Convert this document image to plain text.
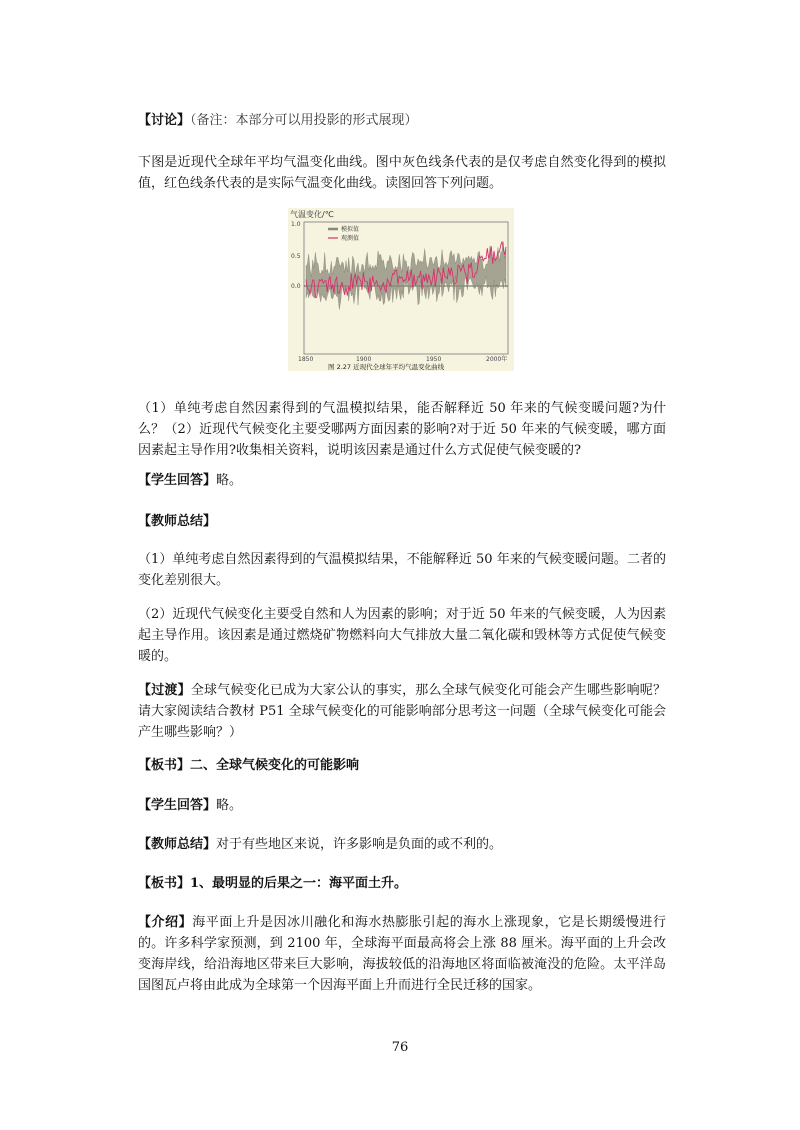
【讨论】（备注：本部分可以用投影的形式展现）

下图是近现代全球年平均气温变化曲线。图中灰色线条代表的是仅考虑自然变化得到的模拟值，红色线条代表的是实际气温变化曲线。读图回答下列问题。

气温变化/℃
1.0
0.5
0.0
模拟值
观测值
1850	1900	1950	2000年
图 2.27 近现代全球年平均气温变化曲线

（1）单纯考虑自然因素得到的气温模拟结果，能否解释近 50 年来的气候变暖问题?为什么？（2）近现代气候变化主要受哪两方面因素的影响?对于近 50 年来的气候变暖，哪方面因素起主导作用?收集相关资料，说明该因素是通过什么方式促使气候变暖的?

【学生回答】略。

【教师总结】

（1）单纯考虑自然因素得到的气温模拟结果，不能解释近 50 年来的气候变暖问题。二者的变化差别很大。

（2）近现代气候变化主要受自然和人为因素的影响；对于近 50 年来的气候变暖，人为因素起主导作用。该因素是通过燃烧矿物燃料向大气排放大量二氧化碳和毁林等方式促使气候变暖的。

【过渡】全球气候变化已成为大家公认的事实，那么全球气候变化可能会产生哪些影响呢？请大家阅读结合教材 P51 全球气候变化的可能影响部分思考这一问题（全球气候变化可能会产生哪些影响？）

【板书】二、全球气候变化的可能影响

【学生回答】略。

【教师总结】对于有些地区来说，许多影响是负面的或不利的。

【板书】1、最明显的后果之一：海平面土升。

【介绍】海平面上升是因冰川融化和海水热膨胀引起的海水上涨现象，它是长期缓慢进行的。许多科学家预测，到 2100 年，全球海平面最高将会上涨 88 厘米。海平面的上升会改变海岸线，给沿海地区带来巨大影响，海拔较低的沿海地区将面临被淹没的危险。太平洋岛国图瓦卢将由此成为全球第一个因海平面上升而进行全民迁移的国家。

76
